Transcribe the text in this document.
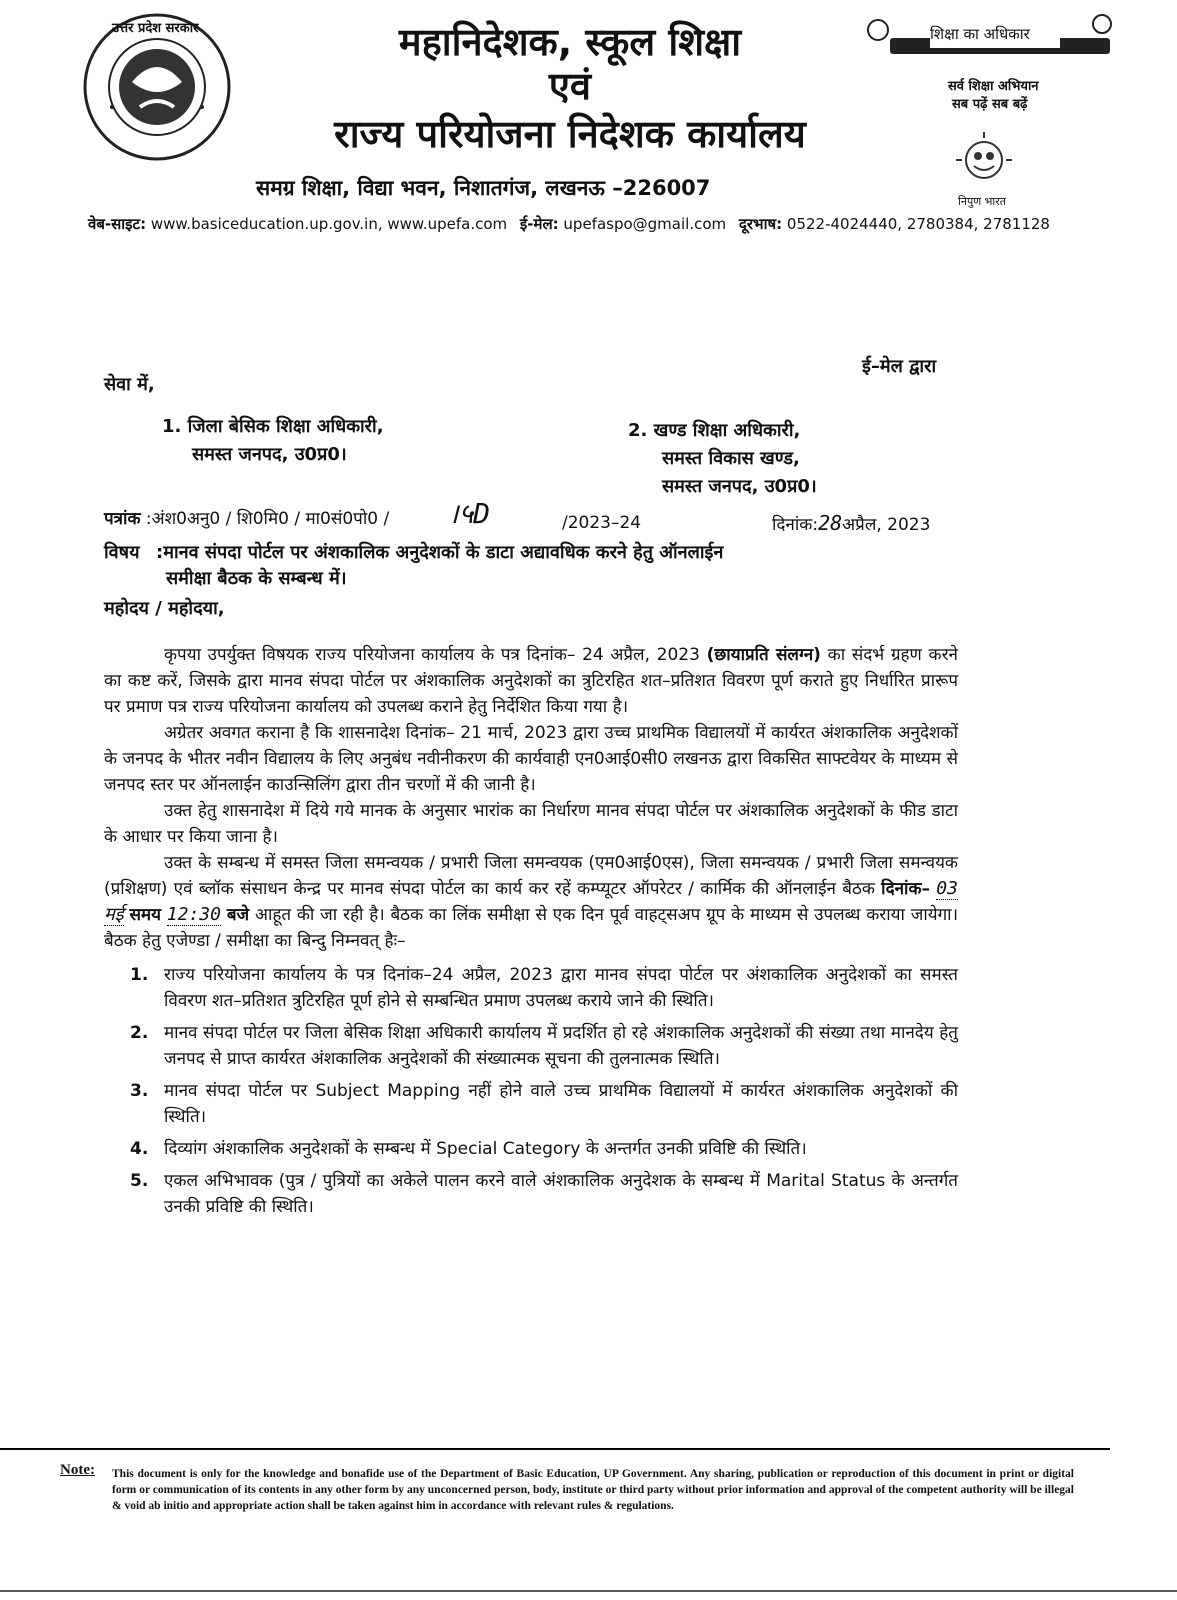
उत्तर प्रदेश सरकार	महानिदेशक, स्कूल शिक्षा
एवं
राज्य परियोजना निदेशक कार्यालय
समग्र शिक्षा, विद्या भवन, निशातगंज, लखनऊ –226007
शिक्षा का अधिकार
सर्व शिक्षा अभियान
सब पढ़ें सब बढ़ें
निपुण भारत
वेब-साइट: www.basiceducation.up.gov.in, www.upefa.com ई-मेल: upefaspo@gmail.com दूरभाष: 0522-4024440, 2780384, 2781128
ई–मेल द्वारा
सेवा में,
1. जिला बेसिक शिक्षा अधिकारी,
समस्त जनपद, उ0प्र0।
2. खण्ड शिक्षा अधिकारी,
समस्त विकास खण्ड,
समस्त जनपद, उ0प्र0।
पत्रांक :अंश0अनु0 / शि0मि0 / मा0सं0पो0 / ।५D	/2023–24	दिनांक:28अप्रैल, 2023
विषय :मानव संपदा पोर्टल पर अंशकालिक अनुदेशकों के डाटा अद्यावधिक करने हेतु ऑनलाईन
समीक्षा बैठक के सम्बन्ध में।
महोदय / महोदया,

कृपया उपर्युक्त विषयक राज्य परियोजना कार्यालय के पत्र दिनांक– 24 अप्रैल, 2023 (छायाप्रति संलग्न) का संदर्भ ग्रहण करने का कष्ट करें, जिसके द्वारा मानव संपदा पोर्टल पर अंशकालिक अनुदेशकों का त्रुटिरहित शत–प्रतिशत विवरण पूर्ण कराते हुए निर्धारित प्रारूप पर प्रमाण पत्र राज्य परियोजना कार्यालय को उपलब्ध कराने हेतु निर्देशित किया गया है।

अग्रेतर अवगत कराना है कि शासनादेश दिनांक– 21 मार्च, 2023 द्वारा उच्च प्राथमिक विद्यालयों में कार्यरत अंशकालिक अनुदेशकों के जनपद के भीतर नवीन विद्यालय के लिए अनुबंध नवीनीकरण की कार्यवाही एन0आई0सी0 लखनऊ द्वारा विकसित साफ्टवेयर के माध्यम से जनपद स्तर पर ऑनलाईन काउन्सिलिंग द्वारा तीन चरणों में की जानी है।

उक्त हेतु शासनादेश में दिये गये मानक के अनुसार भारांक का निर्धारण मानव संपदा पोर्टल पर अंशकालिक अनुदेशकों के फीड डाटा के आधार पर किया जाना है।

उक्त के सम्बन्ध में समस्त जिला समन्वयक / प्रभारी जिला समन्वयक (एम0आई0एस), जिला समन्वयक / प्रभारी जिला समन्वयक (प्रशिक्षण) एवं ब्लॉक संसाधन केन्द्र पर मानव संपदा पोर्टल का कार्य कर रहें कम्प्यूटर ऑपरेटर / कार्मिक की ऑनलाईन बैठक दिनांक– 03 मई समय 12:30 बजे आहूत की जा रही है। बैठक का लिंक समीक्षा से एक दिन पूर्व वाहट्सअप ग्रूप के माध्यम से उपलब्ध कराया जायेगा। बैठक हेतु एजेण्डा / समीक्षा का बिन्दु निम्नवत् हैः–

1. राज्य परियोजना कार्यालय के पत्र दिनांक–24 अप्रैल, 2023 द्वारा मानव संपदा पोर्टल पर अंशकालिक अनुदेशकों का समस्त विवरण शत–प्रतिशत त्रुटिरहित पूर्ण होने से सम्बन्धित प्रमाण उपलब्ध कराये जाने की स्थिति।
2. मानव संपदा पोर्टल पर जिला बेसिक शिक्षा अधिकारी कार्यालय में प्रदर्शित हो रहे अंशकालिक अनुदेशकों की संख्या तथा मानदेय हेतु जनपद से प्राप्त कार्यरत अंशकालिक अनुदेशकों की संख्यात्मक सूचना की तुलनात्मक स्थिति।
3. मानव संपदा पोर्टल पर Subject Mapping नहीं होने वाले उच्च प्राथमिक विद्यालयों में कार्यरत अंशकालिक अनुदेशकों की स्थिति।
4. दिव्यांग अंशकालिक अनुदेशकों के सम्बन्ध में Special Category के अन्तर्गत उनकी प्रविष्टि की स्थिति।
5. एकल अभिभावक (पुत्र / पुत्रियों का अकेले पालन करने वाले अंशकालिक अनुदेशक के सम्बन्ध में Marital Status के अन्तर्गत उनकी प्रविष्टि की स्थिति।
Note: This document is only for the knowledge and bonafide use of the Department of Basic Education, UP Government. Any sharing, publication or reproduction of this document in print or digital form or communication of its contents in any other form by any unconcerned person, body, institute or third party without prior information and approval of the competent authority will be illegal & void ab initio and appropriate action shall be taken against him in accordance with relevant rules & regulations.
